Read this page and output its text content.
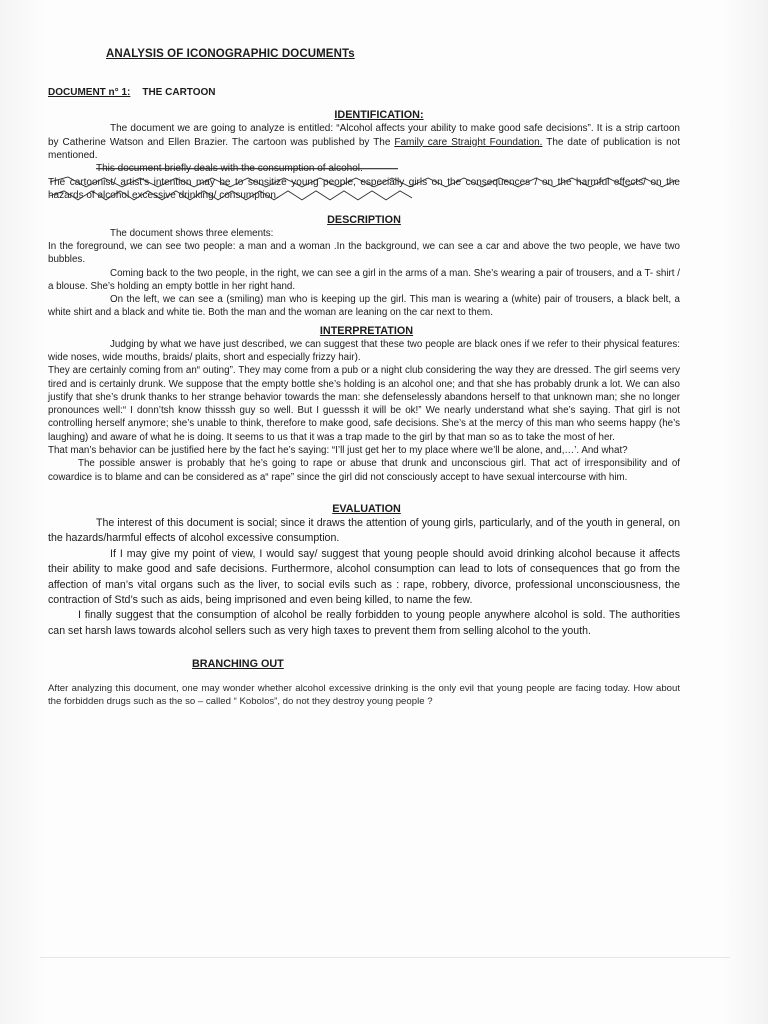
ANALYSIS OF ICONOGRAPHIC DOCUMENTs
DOCUMENT n° 1: THE CARTOON
IDENTIFICATION:

The document we are going to analyze is entitled: “Alcohol affects your ability to make good safe decisions”. It is a strip cartoon by Catherine Watson and Ellen Brazier. The cartoon was published by The Family care Straight Foundation. The date of publication is not mentioned.

This document briefly deals with the consumption of alcohol.

The cartoonist/ artist’s intention may be to sensitize young people, especially girls on the consequences / on the harmful effects/ on the hazards of alcohol excessive drinking/ consumption.

DESCRIPTION

The document shows three elements:

In the foreground, we can see two people: a man and a woman .In the background, we can see a car and above the two people, we have two bubbles.

Coming back to the two people, in the right, we can see a girl in the arms of a man. She’s wearing a pair of trousers, and a T- shirt / a blouse. She’s holding an empty bottle in her right hand.

On the left, we can see a (smiling) man who is keeping up the girl. This man is wearing a (white) pair of trousers, a black belt, a white shirt and a black and white tie. Both the man and the woman are leaning on the car next to them.

INTERPRETATION

Judging by what we have just described, we can suggest that these two people are black ones if we refer to their physical features: wide noses, wide mouths, braids/ plaits, short and especially frizzy hair).

They are certainly coming from an“ outing”. They may come from a pub or a night club considering the way they are dressed. The girl seems very tired and is certainly drunk. We suppose that the empty bottle she’s holding is an alcohol one; and that she has probably drunk a lot. We can also justify that she’s drunk thanks to her strange behavior towards the man: she defenselessly abandons herself to that unknown man; she no longer pronounces well:“ I donn’tsh know thisssh guy so well. But I guesssh it will be ok!” We nearly understand what she’s saying. That girl is not controlling herself anymore; she’s unable to think, therefore to make good, safe decisions. She’s at the mercy of this man who seems happy (he’s laughing) and aware of what he is doing. It seems to us that it was a trap made to the girl by that man so as to take the most of her.

That man’s behavior can be justified here by the fact he’s saying: “I’ll just get her to my place where we’ll be alone, and,…’. And what?

The possible answer is probably that he’s going to rape or abuse that drunk and unconscious girl. That act of irresponsibility and of cowardice is to blame and can be considered as a“ rape” since the girl did not consciously accept to have sexual intercourse with him.

EVALUATION

The interest of this document is social; since it draws the attention of young girls, particularly, and of the youth in general, on the hazards/harmful effects of alcohol excessive consumption.

If I may give my point of view, I would say/ suggest that young people should avoid drinking alcohol because it affects their ability to make good and safe decisions. Furthermore, alcohol consumption can lead to lots of consequences that go from the affection of man’s vital organs such as the liver, to social evils such as : rape, robbery, divorce, professional unconsciousness, the contraction of Std’s such as aids, being imprisoned and even being killed, to name the few.

I finally suggest that the consumption of alcohol be really forbidden to young people anywhere alcohol is sold. The authorities can set harsh laws towards alcohol sellers such as very high taxes to prevent them from selling alcohol to the youth.

BRANCHING OUT

After analyzing this document, one may wonder whether alcohol excessive drinking is the only evil that young people are facing today. How about the forbidden drugs such as the so – called “ Kobolos”, do not they destroy young people ?
